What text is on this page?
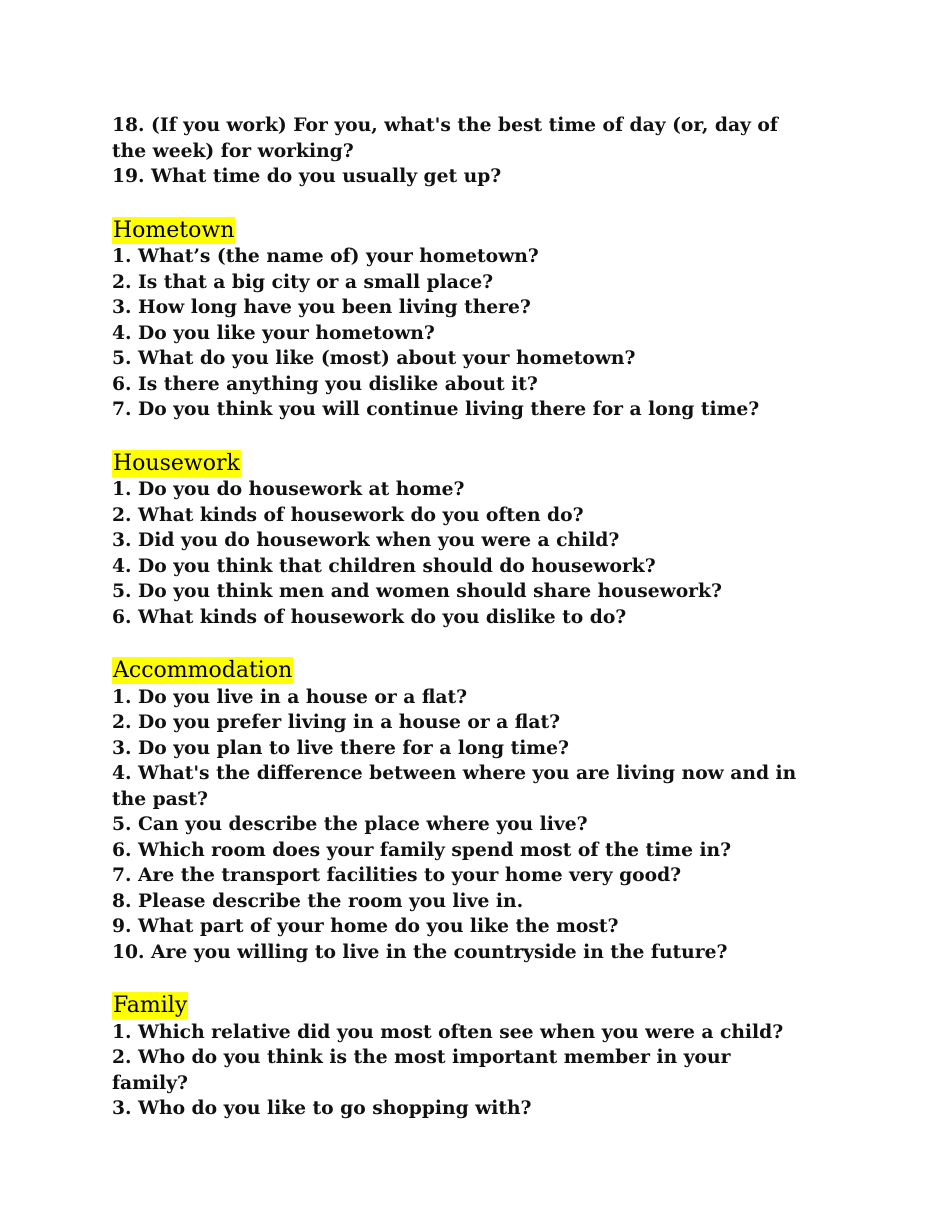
18. (If you work) For you, what's the best time of day (or, day of the week) for working?
19. What time do you usually get up?
Hometown
1. What’s (the name of) your hometown?
2. Is that a big city or a small place?
3. How long have you been living there?
4. Do you like your hometown?
5. What do you like (most) about your hometown?
6. Is there anything you dislike about it?
7. Do you think you will continue living there for a long time?
Housework
1. Do you do housework at home?
2. What kinds of housework do you often do?
3. Did you do housework when you were a child?
4. Do you think that children should do housework?
5. Do you think men and women should share housework?
6. What kinds of housework do you dislike to do?
Accommodation
1. Do you live in a house or a flat?
2. Do you prefer living in a house or a flat?
3. Do you plan to live there for a long time?
4. What's the difference between where you are living now and in the past?
5. Can you describe the place where you live?
6. Which room does your family spend most of the time in?
7. Are the transport facilities to your home very good?
8. Please describe the room you live in.
9. What part of your home do you like the most?
10. Are you willing to live in the countryside in the future?
Family
1. Which relative did you most often see when you were a child?
2. Who do you think is the most important member in your family?
3. Who do you like to go shopping with?
